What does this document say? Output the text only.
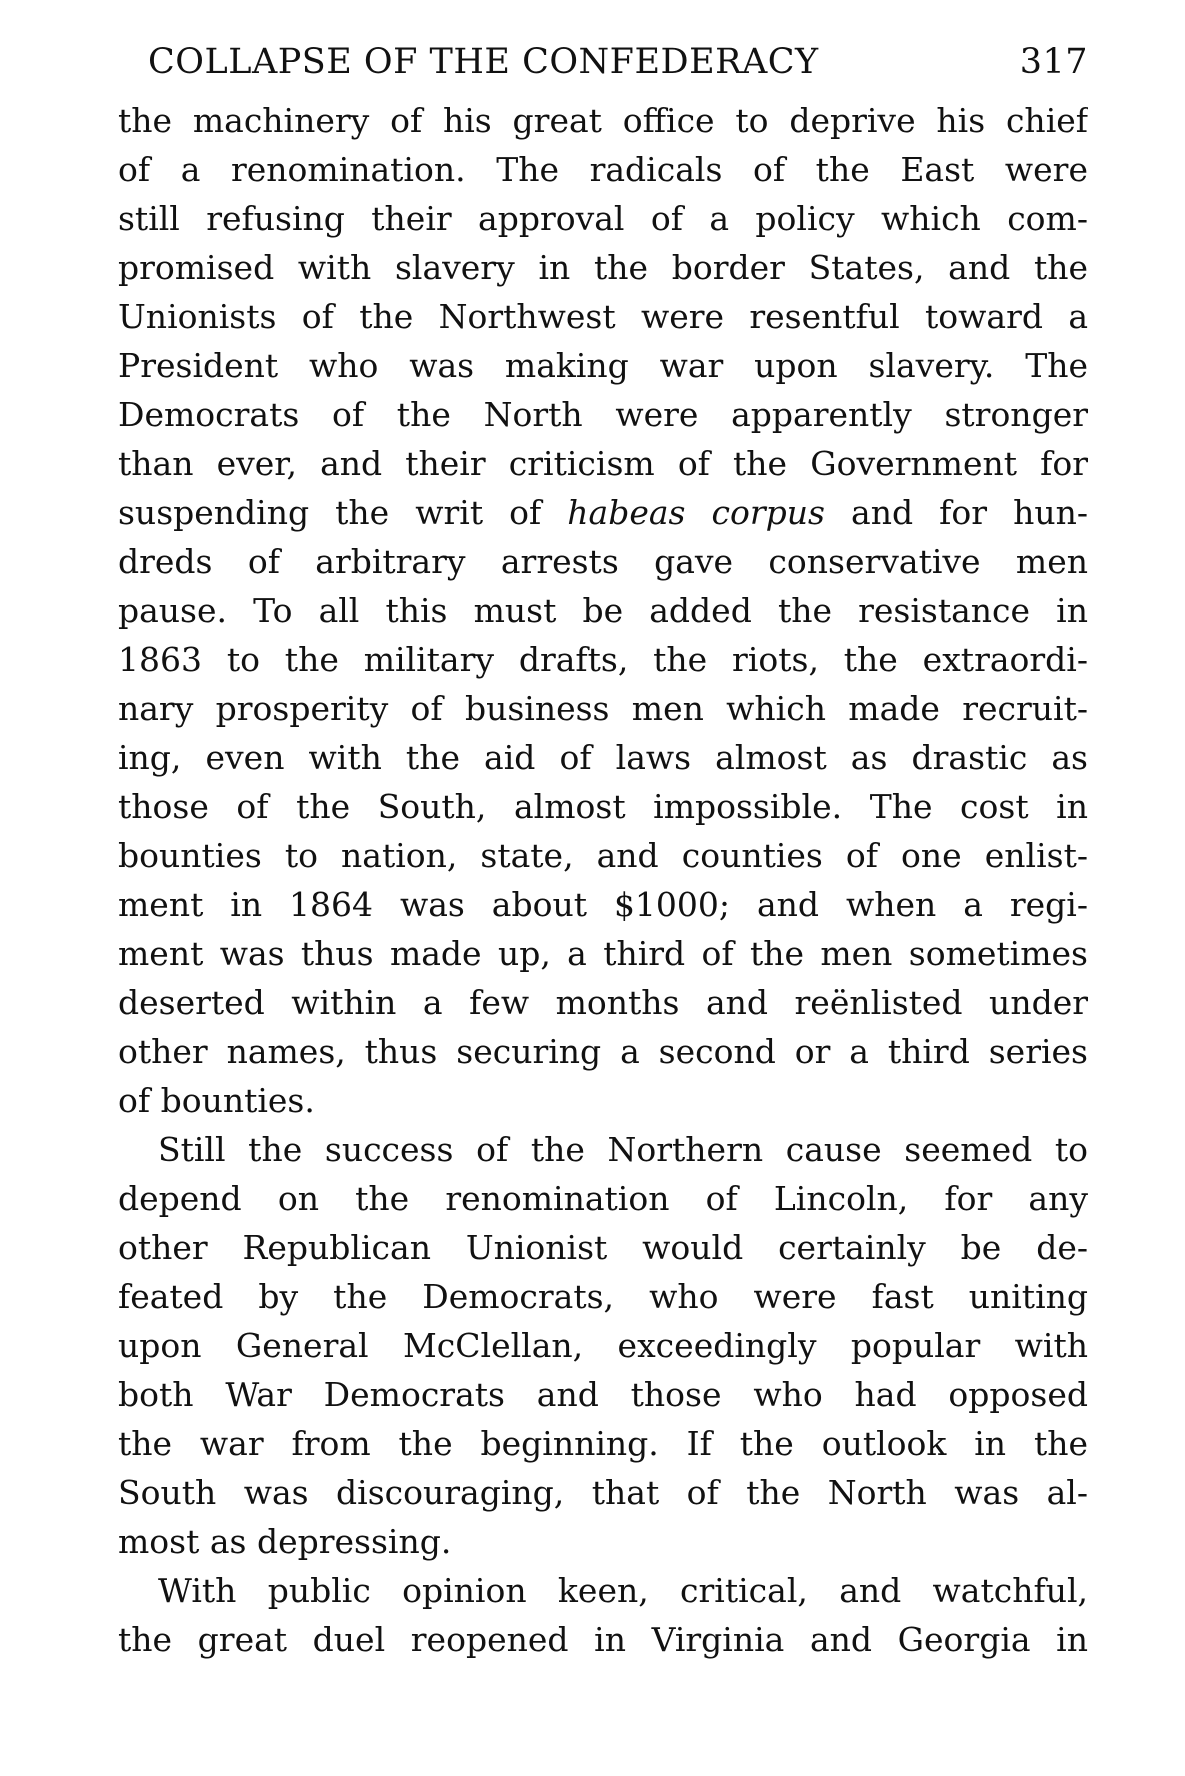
COLLAPSE OF THE CONFEDERACY	317
the machinery of his great office to deprive his chief
of a renomination. The radicals of the East were
still refusing their approval of a policy which com-
promised with slavery in the border States, and the
Unionists of the Northwest were resentful toward a
President who was making war upon slavery. The
Democrats of the North were apparently stronger
than ever, and their criticism of the Government for
suspending the writ of habeas corpus and for hun-
dreds of arbitrary arrests gave conservative men
pause. To all this must be added the resistance in
1863 to the military drafts, the riots, the extraordi-
nary prosperity of business men which made recruit-
ing, even with the aid of laws almost as drastic as
those of the South, almost impossible. The cost in
bounties to nation, state, and counties of one enlist-
ment in 1864 was about $1000; and when a regi-
ment was thus made up, a third of the men sometimes
deserted within a few months and reënlisted under
other names, thus securing a second or a third series
of bounties.
Still the success of the Northern cause seemed to
depend on the renomination of Lincoln, for any
other Republican Unionist would certainly be de-
feated by the Democrats, who were fast uniting
upon General McClellan, exceedingly popular with
both War Democrats and those who had opposed
the war from the beginning. If the outlook in the
South was discouraging, that of the North was al-
most as depressing.
With public opinion keen, critical, and watchful,
the great duel reopened in Virginia and Georgia in
